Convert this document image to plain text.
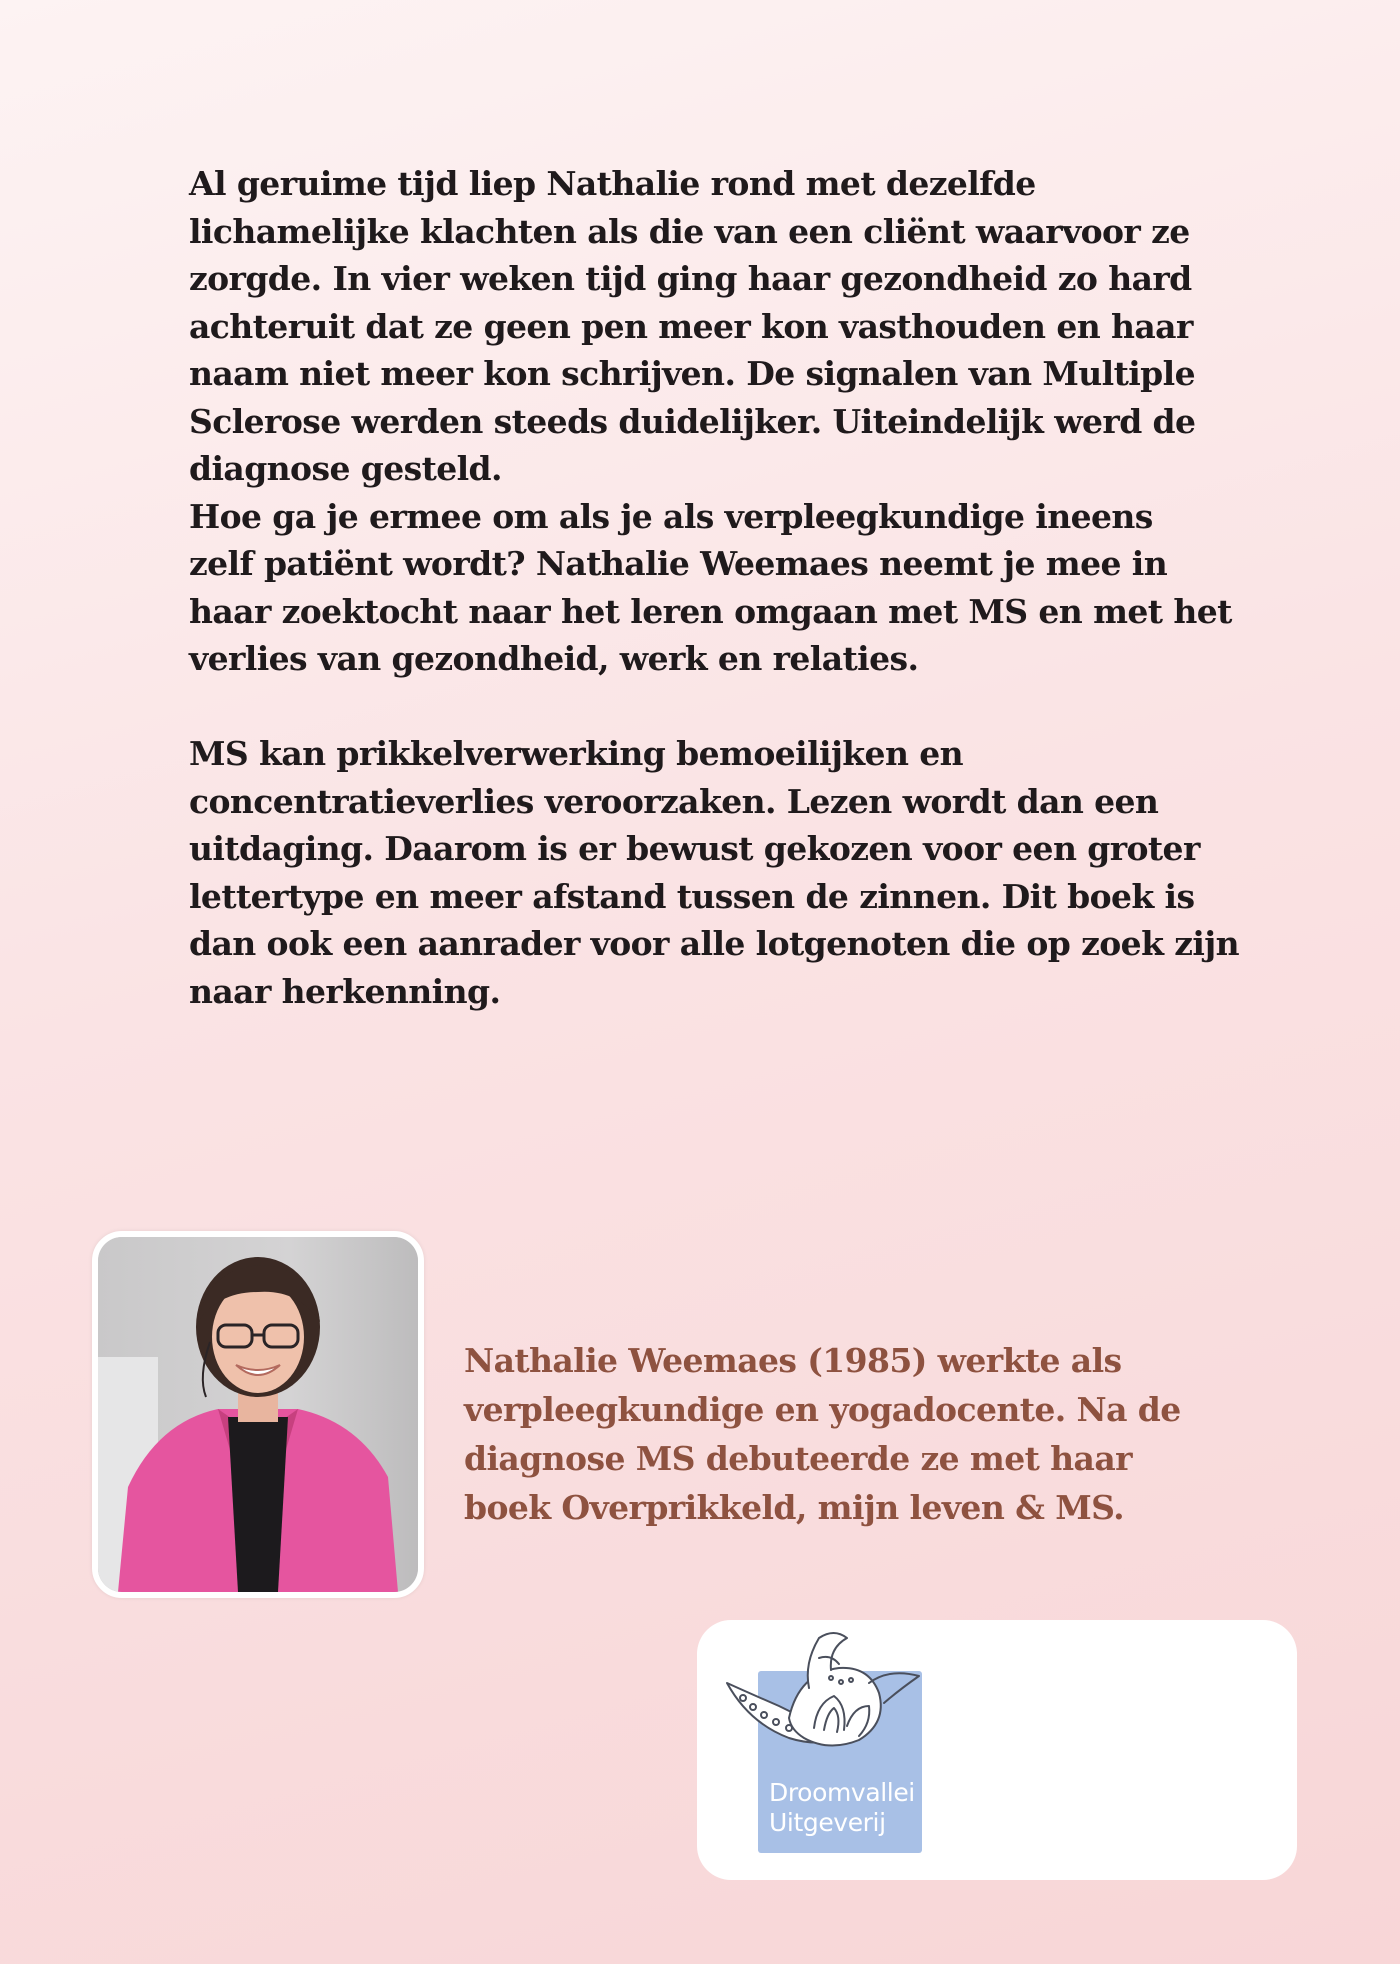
Al geruime tijd liep Nathalie rond met dezelfde
lichamelijke klachten als die van een cliënt waarvoor ze
zorgde. In vier weken tijd ging haar gezondheid zo hard
achteruit dat ze geen pen meer kon vasthouden en haar
naam niet meer kon schrijven. De signalen van Multiple
Sclerose werden steeds duidelijker. Uiteindelijk werd de
diagnose gesteld.
Hoe ga je ermee om als je als verpleegkundige ineens
zelf patiënt wordt? Nathalie Weemaes neemt je mee in
haar zoektocht naar het leren omgaan met MS en met het
verlies van gezondheid, werk en relaties.
MS kan prikkelverwerking bemoeilijken en
concentratieverlies veroorzaken. Lezen wordt dan een
uitdaging. Daarom is er bewust gekozen voor een groter
lettertype en meer afstand tussen de zinnen. Dit boek is
dan ook een aanrader voor alle lotgenoten die op zoek zijn
naar herkenning.
Nathalie Weemaes (1985) werkte als
verpleegkundige en yogadocente. Na de
diagnose MS debuteerde ze met haar
boek Overprikkeld, mijn leven & MS.
Droomvallei
Uitgeverij
